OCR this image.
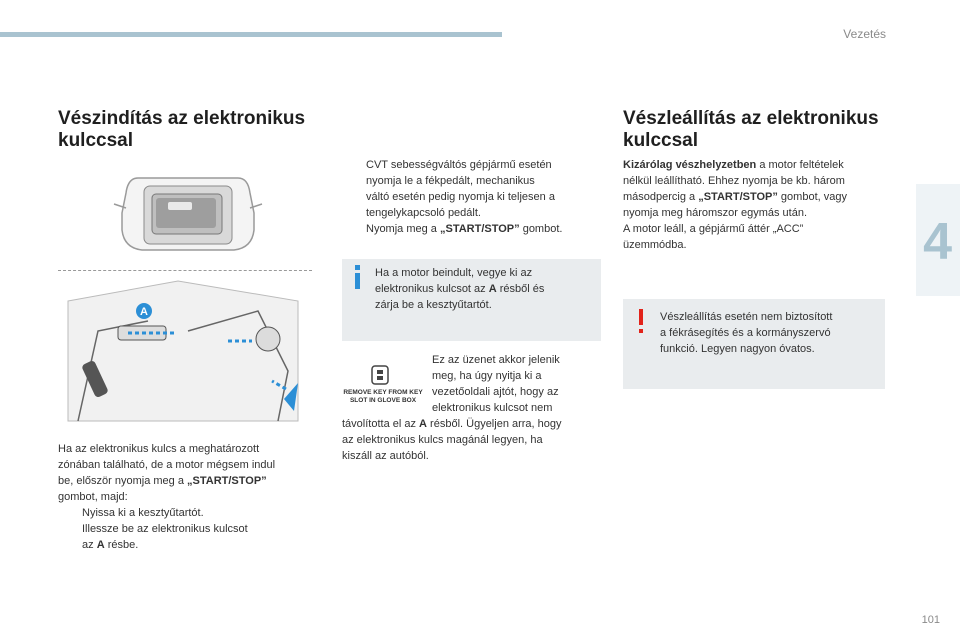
Vezetés
4
101
Vészindítás az elektronikus
kulccsal
A
Ha az elektronikus kulcs a meghatározott
zónában található, de a motor mégsem indul
be, először nyomja meg a „START/STOP”
gombot, majd:
Nyissa ki a kesztyűtartót.
Illessze be az elektronikus kulcsot
az A résbe.
CVT sebességváltós gépjármű esetén
nyomja le a fékpedált, mechanikus
váltó esetén pedig nyomja ki teljesen a
tengelykapcsoló pedált.
Nyomja meg a „START/STOP” gombot.
Ha a motor beindult, vegye ki az
elektronikus kulcsot az A résből és
zárja be a kesztyűtartót.
REMOVE KEY FROM KEY
SLOT IN GLOVE BOX
Ez az üzenet akkor jelenik
meg, ha úgy nyitja ki a
vezetőoldali ajtót, hogy az
elektronikus kulcsot nem
távolította el az A résből. Ügyeljen arra, hogy
az elektronikus kulcs magánál legyen, ha
kiszáll az autóból.
Vészleállítás az elektronikus
kulccsal
Kizárólag vészhelyzetben a motor feltételek
nélkül leállítható. Ehhez nyomja be kb. három
másodpercig a „START/STOP” gombot, vagy
nyomja meg háromszor egymás után.
A motor leáll, a gépjármű áttér „ACC”
üzemmódba.
Vészleállítás esetén nem biztosított
a fékrásegítés és a kormányszervó
funkció. Legyen nagyon óvatos.
